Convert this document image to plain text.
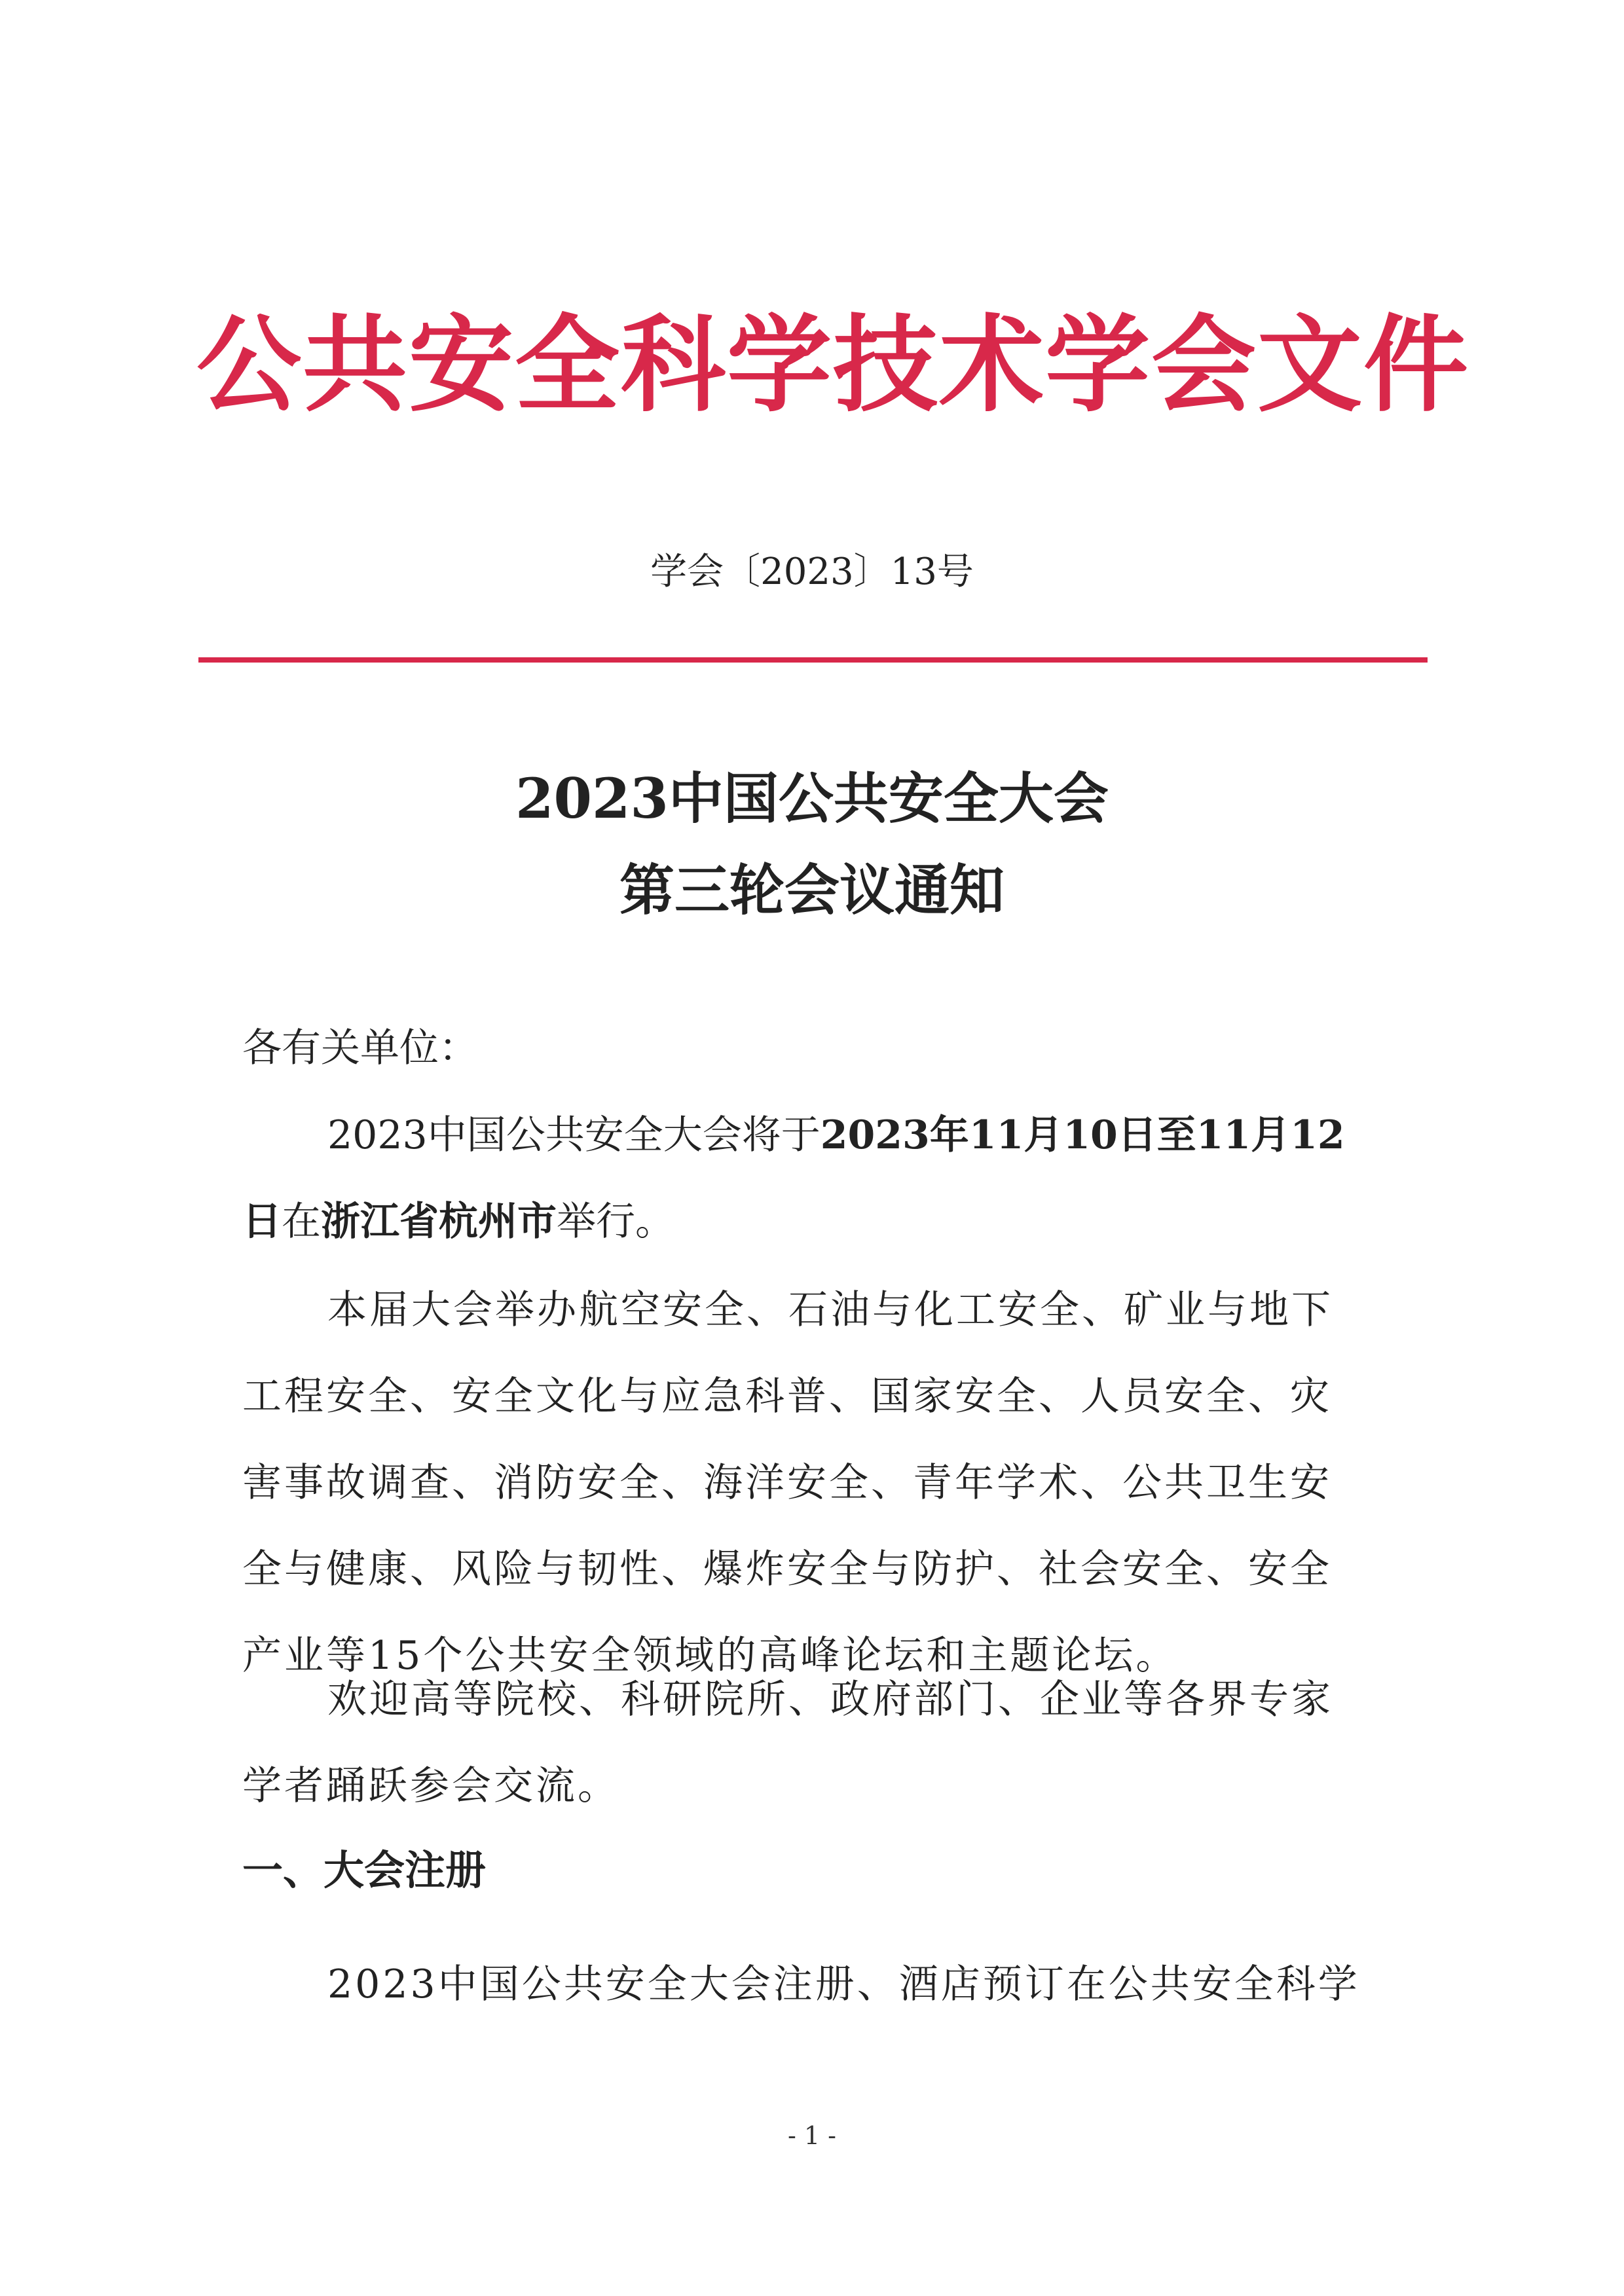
公共安全科学技术学会文件
学会〔2023〕13号
2023中国公共安全大会
第三轮会议通知
各有关单位：
2023中国公共安全大会将于2023年11月10日至11月12日在浙江省杭州市举行。
本届大会举办航空安全、石油与化工安全、矿业与地下工程安全、安全文化与应急科普、国家安全、人员安全、灾害事故调查、消防安全、海洋安全、青年学术、公共卫生安全与健康、风险与韧性、爆炸安全与防护、社会安全、安全产业等15个公共安全领域的高峰论坛和主题论坛。
欢迎高等院校、科研院所、政府部门、企业等各界专家学者踊跃参会交流。
一、大会注册
2023中国公共安全大会注册、酒店预订在公共安全科学
- 1 -
